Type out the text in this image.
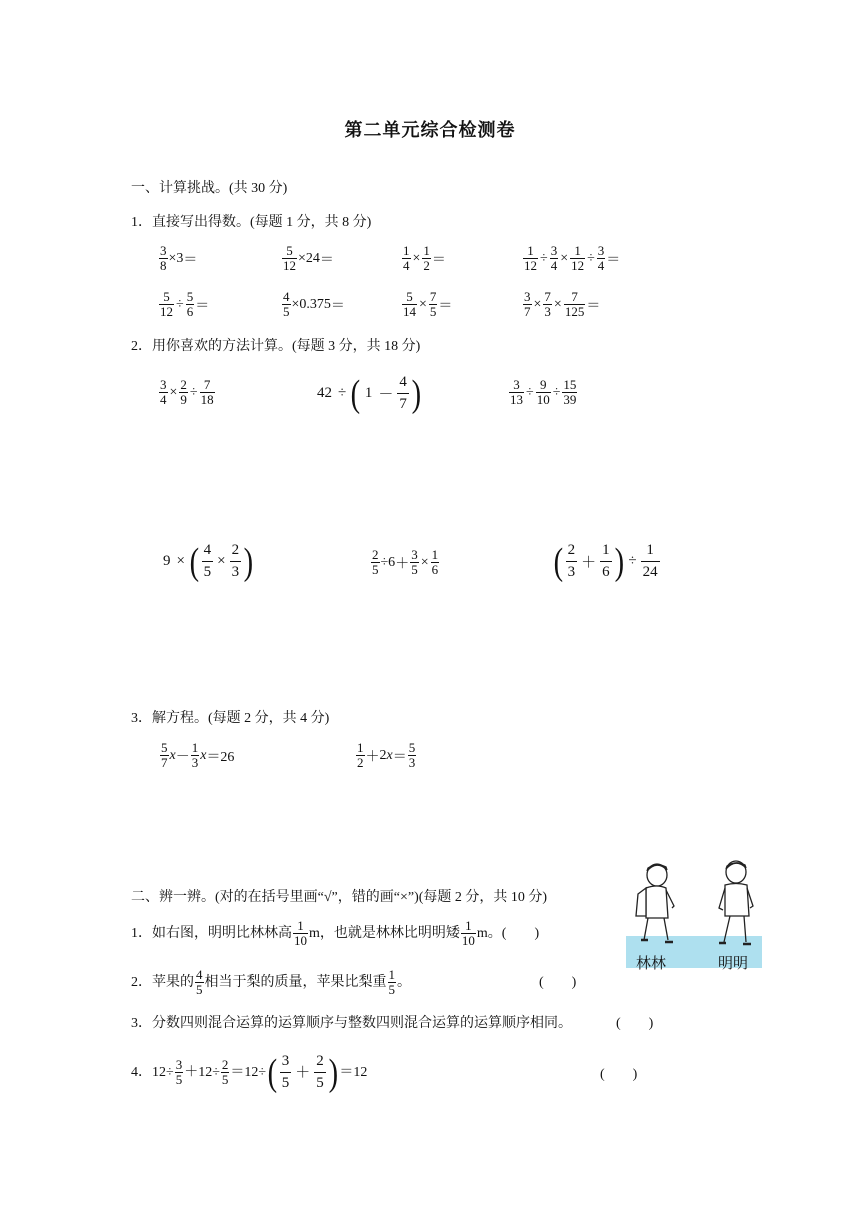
第二单元综合检测卷
一、计算挑战。(共 30 分)
1．直接写出得数。(每题 1 分，共 8 分)
$\frac{3}{8} \times 3$ ＝	$\frac{5}{12} \times 24$ ＝	$\frac{1}{4} \times \frac{1}{2}$ ＝	$\frac{1}{12} \div \frac{3}{4} \times \frac{1}{12} \div \frac{3}{4}$ ＝
$\frac{5}{12} \div \frac{5}{6}$ ＝	$\frac{4}{5} \times 0.375$ ＝	$\frac{5}{14} \times \frac{7}{5}$ ＝	$\frac{3}{7} \times \frac{7}{3} \times \frac{7}{125}$ ＝
2．用你喜欢的方法计算。(每题 3 分，共 18 分)
$\frac{3}{4} \times \frac{2}{9} \div \frac{7}{18}$	42 ÷ ( $1 - \frac{4}{7}$ )	$\frac{3}{13} \div \frac{9}{10} \div \frac{15}{39}$
9 × ( $\frac{4}{5} \times \frac{2}{3}$ )	$\frac{2}{5} \div 6 + \frac{3}{5} \times \frac{1}{6}$	( $\frac{2}{3} + \frac{1}{6}$ ) ÷ $\frac{1}{24}$
3．解方程。(每题 2 分，共 4 分)
$\frac{5}{7}$ $x - \frac{1}{3}$ x ＝26	$\frac{1}{2} + 2$ $x = \frac{5}{3}$
二、辨一辨。(对的在括号里画“√”，错的画“×”)(每题 2 分，共 10 分)
1．如右图，明明比林林高 $\frac{1}{10}$ m，也就是林林比明明矮 $\frac{1}{10}$ m。(　　)
2．苹果的 $\frac{4}{5}$ 相当于梨的质量，苹果比梨重 $\frac{1}{5}$ 。	(　　)
3．分数四则混合运算的运算顺序与整数四则混合运算的运算顺序相同。	(　　)
4．$12\div \frac{3}{5} + 12 \div \frac{2}{5} = 12$ ÷ ( $\frac{3}{5} + \frac{2}{5}$ ) ＝12	(　　)
林林	明明
